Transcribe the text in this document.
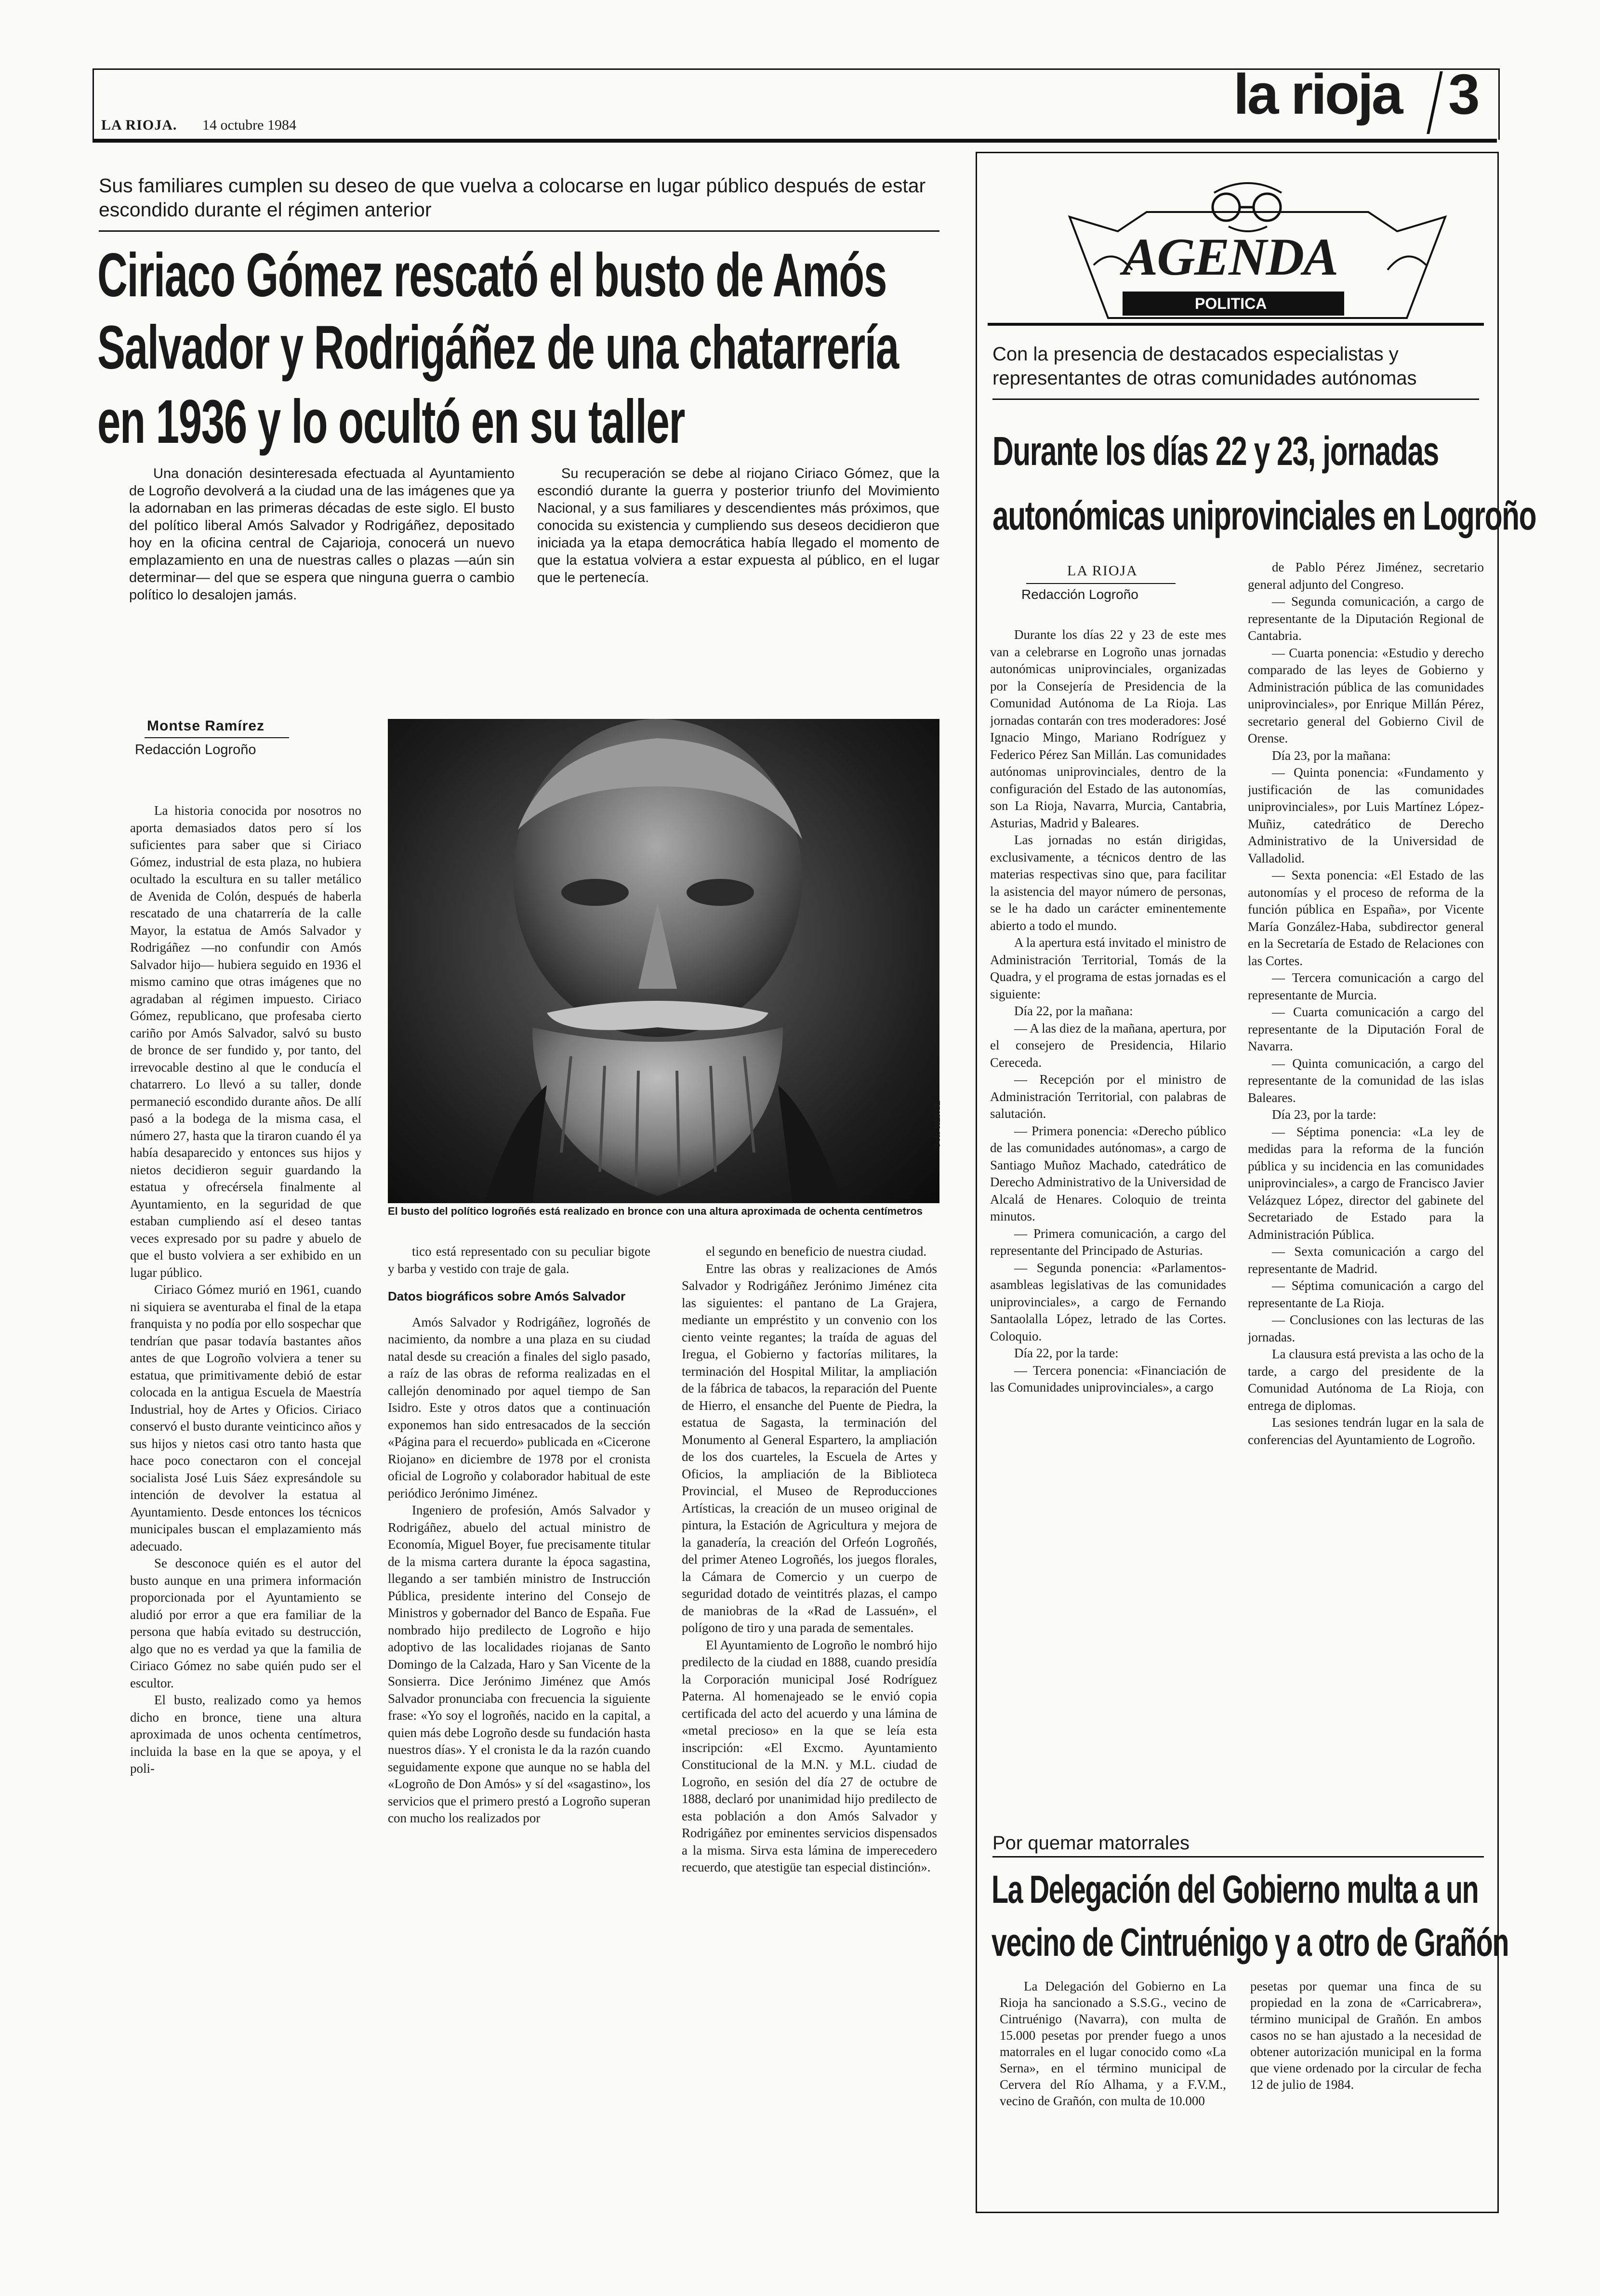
LA RIOJA. 14 octubre 1984	la rioja 3
Sus familiares cumplen su deseo de que vuelva a colocarse en lugar público después de estar escondido durante el régimen anterior
Ciriaco Gómez rescató el busto de Amós
Salvador y Rodrigáñez de una chatarrería
en 1936 y lo ocultó en su taller

Una donación desinteresada efectuada al Ayuntamiento de Logroño devolverá a la ciudad una de las imágenes que ya la adornaban en las primeras décadas de este siglo. El busto del político liberal Amós Salvador y Rodrigáñez, depositado hoy en la oficina central de Cajarioja, conocerá un nuevo emplazamiento en una de nuestras calles o plazas —aún sin determinar— del que se espera que ninguna guerra o cambio político lo desalojen jamás.

Su recuperación se debe al riojano Ciriaco Gómez, que la escondió durante la guerra y posterior triunfo del Movimiento Nacional, y a sus familiares y descendientes más próximos, que conocida su existencia y cumpliendo sus deseos decidieron que iniciada ya la etapa democrática había llegado el momento de que la estatua volviera a estar expuesta al público, en el lugar que le pertenecía.

Montse Ramírez
Redacción Logroño
Foto HERCE
El busto del político logroñés está realizado en bronce con una altura aproximada de ochenta centímetros

La historia conocida por nosotros no aporta demasiados datos pero sí los suficientes para saber que si Ciriaco Gómez, industrial de esta plaza, no hubiera ocultado la escultura en su taller metálico de Avenida de Colón, después de haberla rescatado de una chatarrería de la calle Mayor, la estatua de Amós Salvador y Rodrigáñez —no confundir con Amós Salvador hijo— hubiera seguido en 1936 el mismo camino que otras imágenes que no agradaban al régimen impuesto. Ciriaco Gómez, republicano, que profesaba cierto cariño por Amós Salvador, salvó su busto de bronce de ser fundido y, por tanto, del irrevocable destino al que le conducía el chatarrero. Lo llevó a su taller, donde permaneció escondido durante años. De allí pasó a la bodega de la misma casa, el número 27, hasta que la tiraron cuando él ya había desaparecido y entonces sus hijos y nietos decidieron seguir guardando la estatua y ofrecérsela finalmente al Ayuntamiento, en la seguridad de que estaban cumpliendo así el deseo tantas veces expresado por su padre y abuelo de que el busto volviera a ser exhibido en un lugar público.

Ciriaco Gómez murió en 1961, cuando ni siquiera se aventuraba el final de la etapa franquista y no podía por ello sospechar que tendrían que pasar todavía bastantes años antes de que Logroño volviera a tener su estatua, que primitivamente debió de estar colocada en la antigua Escuela de Maestría Industrial, hoy de Artes y Oficios. Ciriaco conservó el busto durante veinticinco años y sus hijos y nietos casi otro tanto hasta que hace poco conectaron con el concejal socialista José Luis Sáez expresándole su intención de devolver la estatua al Ayuntamiento. Desde entonces los técnicos municipales buscan el emplazamiento más adecuado.

Se desconoce quién es el autor del busto aunque en una primera información proporcionada por el Ayuntamiento se aludió por error a que era familiar de la persona que había evitado su destrucción, algo que no es verdad ya que la familia de Ciriaco Gómez no sabe quién pudo ser el escultor.

El busto, realizado como ya hemos dicho en bronce, tiene una altura aproximada de unos ochenta centímetros, incluida la base en la que se apoya, y el poli-

tico está representado con su peculiar bigote y barba y vestido con traje de gala.

Datos biográficos sobre Amós Salvador

Amós Salvador y Rodrigáñez, logroñés de nacimiento, da nombre a una plaza en su ciudad natal desde su creación a finales del siglo pasado, a raíz de las obras de reforma realizadas en el callejón denominado por aquel tiempo de San Isidro. Este y otros datos que a continuación exponemos han sido entresacados de la sección «Página para el recuerdo» publicada en «Cicerone Riojano» en diciembre de 1978 por el cronista oficial de Logroño y colaborador habitual de este periódico Jerónimo Jiménez.

Ingeniero de profesión, Amós Salvador y Rodrigáñez, abuelo del actual ministro de Economía, Miguel Boyer, fue precisamente titular de la misma cartera durante la época sagastina, llegando a ser también ministro de Instrucción Pública, presidente interino del Consejo de Ministros y gobernador del Banco de España. Fue nombrado hijo predilecto de Logroño e hijo adoptivo de las localidades riojanas de Santo Domingo de la Calzada, Haro y San Vicente de la Sonsierra. Dice Jerónimo Jiménez que Amós Salvador pronunciaba con frecuencia la siguiente frase: «Yo soy el logroñés, nacido en la capital, a quien más debe Logroño desde su fundación hasta nuestros días». Y el cronista le da la razón cuando seguidamente expone que aunque no se habla del «Logroño de Don Amós» y sí del «sagastino», los servicios que el primero prestó a Logroño superan con mucho los realizados por

el segundo en beneficio de nuestra ciudad.

Entre las obras y realizaciones de Amós Salvador y Rodrigáñez Jerónimo Jiménez cita las siguientes: el pantano de La Grajera, mediante un empréstito y un convenio con los ciento veinte regantes; la traída de aguas del Iregua, el Gobierno y factorías militares, la terminación del Hospital Militar, la ampliación de la fábrica de tabacos, la reparación del Puente de Hierro, el ensanche del Puente de Piedra, la estatua de Sagasta, la terminación del Monumento al General Espartero, la ampliación de los dos cuarteles, la Escuela de Artes y Oficios, la ampliación de la Biblioteca Provincial, el Museo de Reproducciones Artísticas, la creación de un museo original de pintura, la Estación de Agricultura y mejora de la ganadería, la creación del Orfeón Logroñés, del primer Ateneo Logroñés, los juegos florales, la Cámara de Comercio y un cuerpo de seguridad dotado de veintitrés plazas, el campo de maniobras de la «Rad de Lassuén», el polígono de tiro y una parada de sementales.

El Ayuntamiento de Logroño le nombró hijo predilecto de la ciudad en 1888, cuando presidía la Corporación municipal José Rodríguez Paterna. Al homenajeado se le envió copia certificada del acto del acuerdo y una lámina de «metal precioso» en la que se leía esta inscripción: «El Excmo. Ayuntamiento Constitucional de la M.N. y M.L. ciudad de Logroño, en sesión del día 27 de octubre de 1888, declaró por unanimidad hijo predilecto de esta población a don Amós Salvador y Rodrigáñez por eminentes servicios dispensados a la misma. Sirva esta lámina de imperecedero recuerdo, que atestigüe tan especial distinción».

AGENDA
POLITICA
Con la presencia de destacados especialistas y representantes de otras comunidades autónomas
Durante los días 22 y 23, jornadas
autonómicas uniprovinciales en Logroño
LA RIOJA
Redacción Logroño

Durante los días 22 y 23 de este mes van a celebrarse en Logroño unas jornadas autonómicas uniprovinciales, organizadas por la Consejería de Presidencia de la Comunidad Autónoma de La Rioja. Las jornadas contarán con tres moderadores: José Ignacio Mingo, Mariano Rodríguez y Federico Pérez San Millán. Las comunidades autónomas uniprovinciales, dentro de la configuración del Estado de las autonomías, son La Rioja, Navarra, Murcia, Cantabria, Asturias, Madrid y Baleares.

Las jornadas no están dirigidas, exclusivamente, a técnicos dentro de las materias respectivas sino que, para facilitar la asistencia del mayor número de personas, se le ha dado un carácter eminentemente abierto a todo el mundo.

A la apertura está invitado el ministro de Administración Territorial, Tomás de la Quadra, y el programa de estas jornadas es el siguiente:

Día 22, por la mañana:

— A las diez de la mañana, apertura, por el consejero de Presidencia, Hilario Cereceda.

— Recepción por el ministro de Administración Territorial, con palabras de salutación.

— Primera ponencia: «Derecho público de las comunidades autónomas», a cargo de Santiago Muñoz Machado, catedrático de Derecho Administrativo de la Universidad de Alcalá de Henares. Coloquio de treinta minutos.

— Primera comunicación, a cargo del representante del Principado de Asturias.

— Segunda ponencia: «Parlamentos-asambleas legislativas de las comunidades uniprovinciales», a cargo de Fernando Santaolalla López, letrado de las Cortes. Coloquio.

Día 22, por la tarde:

— Tercera ponencia: «Financiación de las Comunidades uniprovinciales», a cargo

de Pablo Pérez Jiménez, secretario general adjunto del Congreso.

— Segunda comunicación, a cargo de representante de la Diputación Regional de Cantabria.

— Cuarta ponencia: «Estudio y derecho comparado de las leyes de Gobierno y Administración pública de las comunidades uniprovinciales», por Enrique Millán Pérez, secretario general del Gobierno Civil de Orense.

Día 23, por la mañana:

— Quinta ponencia: «Fundamento y justificación de las comunidades uniprovinciales», por Luis Martínez López-Muñiz, catedrático de Derecho Administrativo de la Universidad de Valladolid.

— Sexta ponencia: «El Estado de las autonomías y el proceso de reforma de la función pública en España», por Vicente María González-Haba, subdirector general en la Secretaría de Estado de Relaciones con las Cortes.

— Tercera comunicación a cargo del representante de Murcia.

— Cuarta comunicación a cargo del representante de la Diputación Foral de Navarra.

— Quinta comunicación, a cargo del representante de la comunidad de las islas Baleares.

Día 23, por la tarde:

— Séptima ponencia: «La ley de medidas para la reforma de la función pública y su incidencia en las comunidades uniprovinciales», a cargo de Francisco Javier Velázquez López, director del gabinete del Secretariado de Estado para la Administración Pública.

— Sexta comunicación a cargo del representante de Madrid.

— Séptima comunicación a cargo del representante de La Rioja.

— Conclusiones con las lecturas de las jornadas.

La clausura está prevista a las ocho de la tarde, a cargo del presidente de la Comunidad Autónoma de La Rioja, con entrega de diplomas.

Las sesiones tendrán lugar en la sala de conferencias del Ayuntamiento de Logroño.

Por quemar matorrales
La Delegación del Gobierno multa a un
vecino de Cintruénigo y a otro de Grañón

La Delegación del Gobierno en La Rioja ha sancionado a S.S.G., vecino de Cintruénigo (Navarra), con multa de 15.000 pesetas por prender fuego a unos matorrales en el lugar conocido como «La Serna», en el término municipal de Cervera del Río Alhama, y a F.V.M., vecino de Grañón, con multa de 10.000

pesetas por quemar una finca de su propiedad en la zona de «Carricabrera», término municipal de Grañón. En ambos casos no se han ajustado a la necesidad de obtener autorización municipal en la forma que viene ordenado por la circular de fecha 12 de julio de 1984.
